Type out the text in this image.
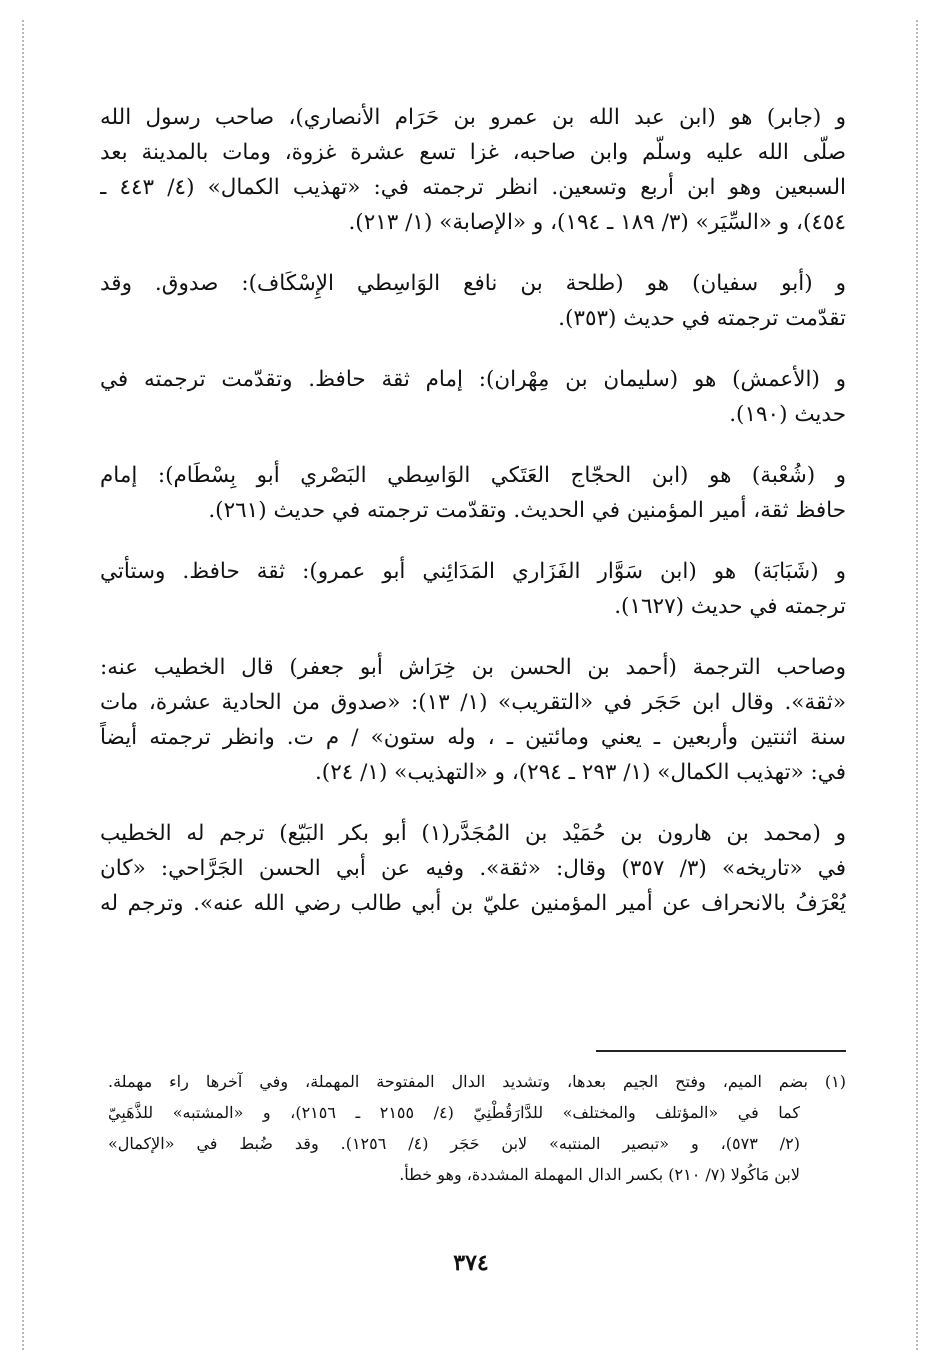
و (جابر) هو (ابن عبد الله بن عمرو بن حَرَام الأنصاري)، صاحب رسول الله
صلّى الله عليه وسلّم وابن صاحبه، غزا تسع عشرة غزوة، ومات بالمدينة بعد
السبعين وهو ابن أربع وتسعين. انظر ترجمته في: «تهذيب الكمال» (٤/ ٤٤٣ ـ
٤٥٤)، و «السِّيَر» (٣/ ١٨٩ ـ ١٩٤)، و «الإصابة» (١/ ٢١٣).
و (أبو سفيان) هو (طلحة بن نافع الوَاسِطي الإِسْكَاف): صدوق. وقد
تقدّمت ترجمته في حديث (٣٥٣).
و (الأعمش) هو (سليمان بن مِهْران): إمام ثقة حافظ. وتقدّمت ترجمته في
حديث (١٩٠).
و (شُعْبة) هو (ابن الحجّاج العَتَكي الوَاسِطي البَصْري أبو بِسْطَام): إمام
حافظ ثقة، أمير المؤمنين في الحديث. وتقدّمت ترجمته في حديث (٢٦١).
و (شَبَابَة) هو (ابن سَوَّار الفَزَاري المَدَائِني أبو عمرو): ثقة حافظ. وستأتي
ترجمته في حديث (١٦٢٧).
وصاحب الترجمة (أحمد بن الحسن بن خِرَاش أبو جعفر) قال الخطيب عنه:
«ثقة». وقال ابن حَجَر في «التقريب» (١/ ١٣): «صدوق من الحادية عشرة، مات
سنة اثنتين وأربعين ـ يعني ومائتين ـ ، وله ستون» / م ت. وانظر ترجمته أيضاً
في: «تهذيب الكمال» (١/ ٢٩٣ ـ ٢٩٤)، و «التهذيب» (١/ ٢٤).
و (محمد بن هارون بن حُمَيْد بن المُجَدَّر(١) أبو بكر البَيّع) ترجم له الخطيب
في «تاريخه» (٣/ ٣٥٧) وقال: «ثقة». وفيه عن أبي الحسن الجَرَّاحي: «كان
يُعْرَفُ بالانحراف عن أمير المؤمنين عليّ بن أبي طالب رضي الله عنه». وترجم له
(١) بضم الميم، وفتح الجيم بعدها، وتشديد الدال المفتوحة المهملة، وفي آخرها راء مهملة.
كما في «المؤتلف والمختلف» للدَّارَقُطْنِيّ (٤/ ٢١٥٥ ـ ٢١٥٦)، و «المشتبه» للذَّهَبِيّ
(٢/ ٥٧٣)، و «تبصير المنتبه» لابن حَجَر (٤/ ١٢٥٦). وقد ضُبط في «الإكمال»
لابن مَاكُولا (٧/ ٢١٠) بكسر الدال المهملة المشددة، وهو خطأ.
٣٧٤
